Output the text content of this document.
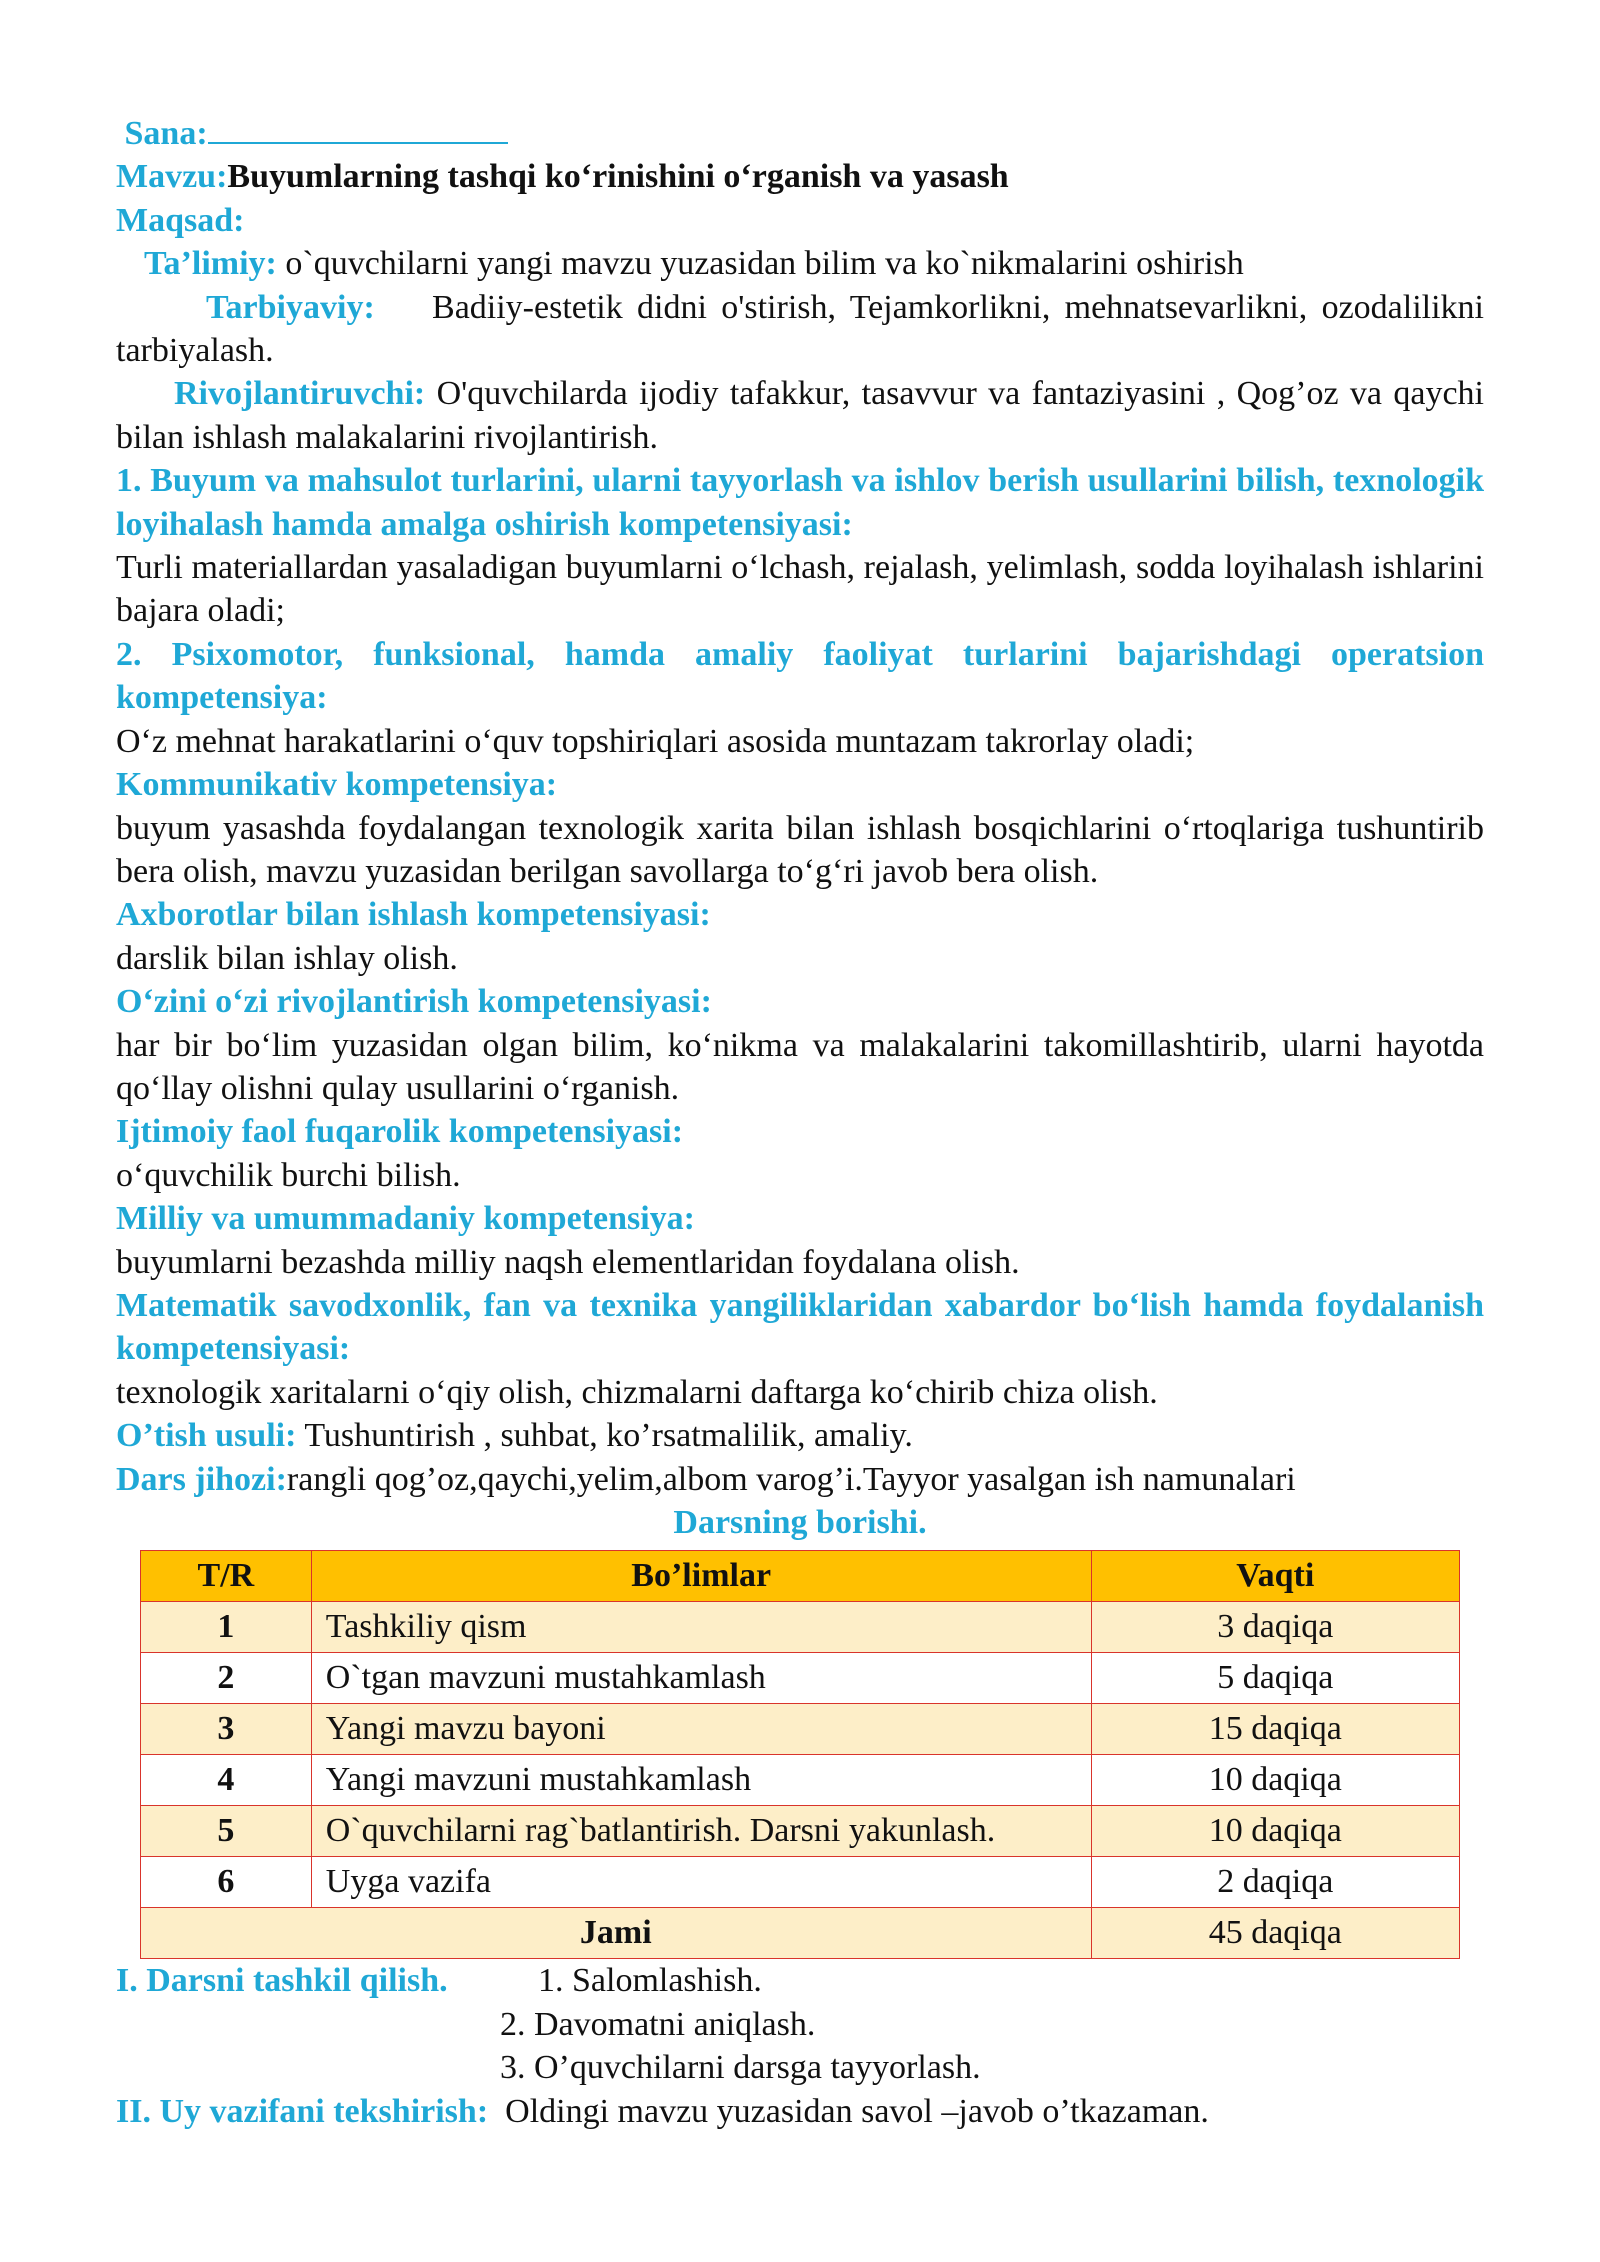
Sana:

Mavzu:Buyumlarning tashqi ko‘rinishini o‘rganish va yasash

Maqsad:

Ta’limiy: o`quvchilarni yangi mavzu yuzasidan bilim va ko`nikmalarini oshirish

Tarbiyaviy: Badiiy-estetik didni o'stirish, Tejamkorlikni, mehnatsevarlikni, ozodalilikni tarbiyalash.

Rivojlantiruvchi: O'quvchilarda ijodiy tafakkur, tasavvur va fantaziyasini , Qog’oz va qaychi bilan ishlash malakalarini rivojlantirish.

1. Buyum va mahsulot turlarini, ularni tayyorlash va ishlov berish usullarini bilish, texnologik loyihalash hamda amalga oshirish kompetensiyasi:

Turli materiallardan yasaladigan buyumlarni o‘lchash, rejalash, yelimlash, sodda loyihalash ishlarini bajara oladi;

2. Psixomotor, funksional, hamda amaliy faoliyat turlarini bajarishdagi operatsion kompetensiya:

O‘z mehnat harakatlarini o‘quv topshiriqlari asosida muntazam takrorlay oladi;

Kommunikativ kompetensiya:

buyum yasashda foydalangan texnologik xarita bilan ishlash bosqichlarini o‘rtoqlariga tushuntirib bera olish, mavzu yuzasidan berilgan savollarga to‘g‘ri javob bera olish.

Axborotlar bilan ishlash kompetensiyasi:

darslik bilan ishlay olish.

O‘zini o‘zi rivojlantirish kompetensiyasi:

har bir bo‘lim yuzasidan olgan bilim, ko‘nikma va malakalarini takomillashtirib, ularni hayotda qo‘llay olishni qulay usullarini o‘rganish.

Ijtimoiy faol fuqarolik kompetensiyasi:

o‘quvchilik burchi bilish.

Milliy va umummadaniy kompetensiya:

buyumlarni bezashda milliy naqsh elementlaridan foydalana olish.

Matematik savodxonlik, fan va texnika yangiliklaridan xabardor bo‘lish hamda foydalanish kompetensiyasi:

texnologik xaritalarni o‘qiy olish, chizmalarni daftarga ko‘chirib chiza olish.

O’tish usuli: Tushuntirish , suhbat, ko’rsatmalilik, amaliy.

Dars jihozi:rangli qog’oz,qaychi,yelim,albom varog’i.Tayyor yasalgan ish namunalari

Darsning borishi.

T/R	Bo’limlar	Vaqti
1	Tashkiliy qism	3 daqiqa
2	O`tgan mavzuni mustahkamlash	5 daqiqa
3	Yangi mavzu bayoni	15 daqiqa
4	Yangi mavzuni mustahkamlash	10 daqiqa
5	O`quvchilarni rag`batlantirish. Darsni yakunlash.	10 daqiqa
6	Uyga vazifa	2 daqiqa
Jami		45 daqiqa
I. Darsni tashkil qilish.	1. Salomlashish.
2. Davomatni aniqlash.
3. O’quvchilarni darsga tayyorlash.

II. Uy vazifani tekshirish: Oldingi mavzu yuzasidan savol –javob o’tkazaman.
